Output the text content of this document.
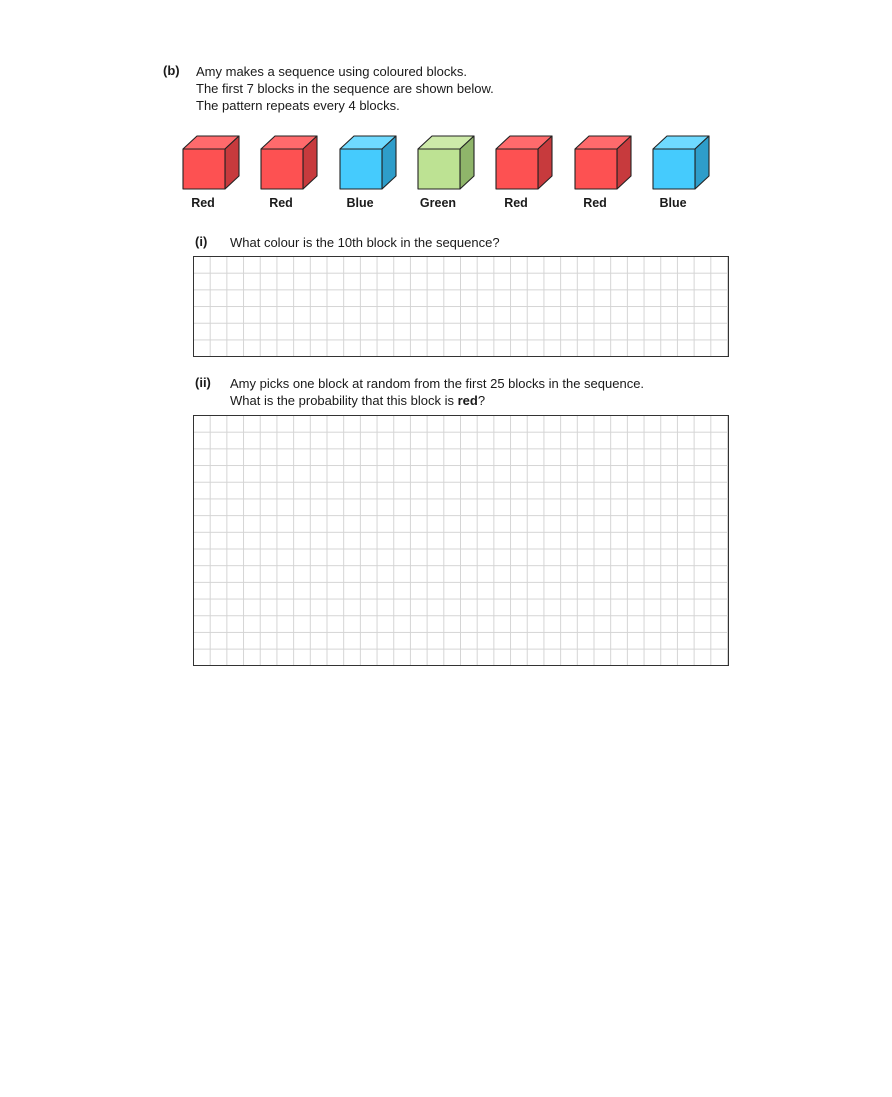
(b) Amy makes a sequence using coloured blocks.
The first 7 blocks in the sequence are shown below.
The pattern repeats every 4 blocks.
Red	Red	Blue	Green	Red	Red	Blue
(i) What colour is the 10th block in the sequence?
(ii) Amy picks one block at random from the first 25 blocks in the sequence.
What is the probability that this block is red?
